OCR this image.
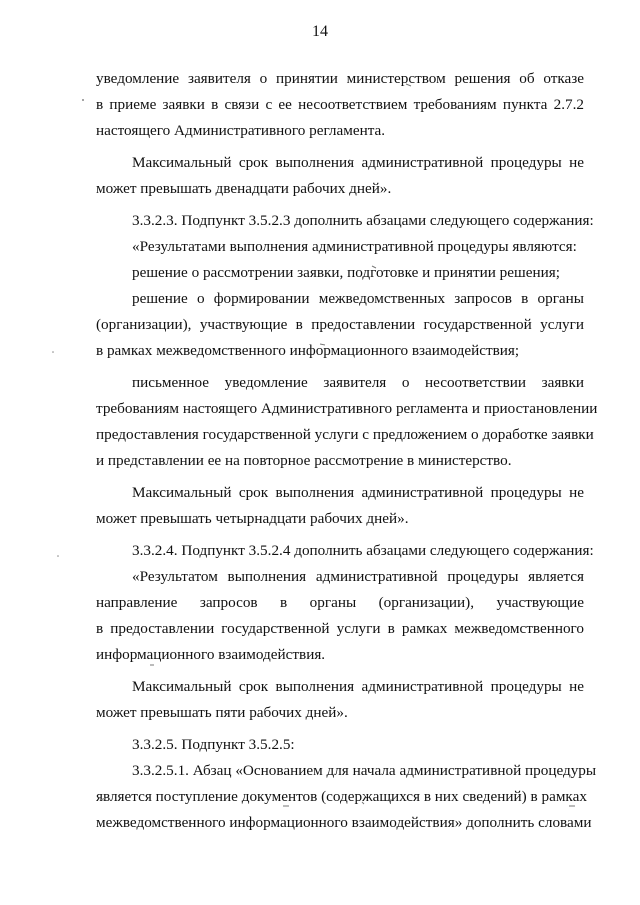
14
уведомление заявителя о принятии министерством решения об отказе
в приеме заявки в связи с ее несоответствием требованиям пункта 2.7.2
настоящего Административного регламента.
Максимальный срок выполнения административной процедуры не
может превышать двенадцати рабочих дней».
3.3.2.3. Подпункт 3.5.2.3 дополнить абзацами следующего содержания:
«Результатами выполнения административной процедуры являются:
решение о рассмотрении заявки, подготовке и принятии решения;
решение о формировании межведомственных запросов в органы
(организации), участвующие в предоставлении государственной услуги
в рамках межведомственного информационного взаимодействия;
письменное уведомление заявителя о несоответствии заявки
требованиям настоящего Административного регламента и приостановлении
предоставления государственной услуги с предложением о доработке заявки
и представлении ее на повторное рассмотрение в министерство.
Максимальный срок выполнения административной процедуры не
может превышать четырнадцати рабочих дней».
3.3.2.4. Подпункт 3.5.2.4 дополнить абзацами следующего содержания:
«Результатом выполнения административной процедуры является
направление запросов в органы (организации), участвующие
в предоставлении государственной услуги в рамках межведомственного
информационного взаимодействия.
Максимальный срок выполнения административной процедуры не
может превышать пяти рабочих дней».
3.3.2.5. Подпункт 3.5.2.5:
3.3.2.5.1. Абзац «Основанием для начала административной процедуры
является поступление документов (содержащихся в них сведений) в рамках
межведомственного информационного взаимодействия» дополнить словами
